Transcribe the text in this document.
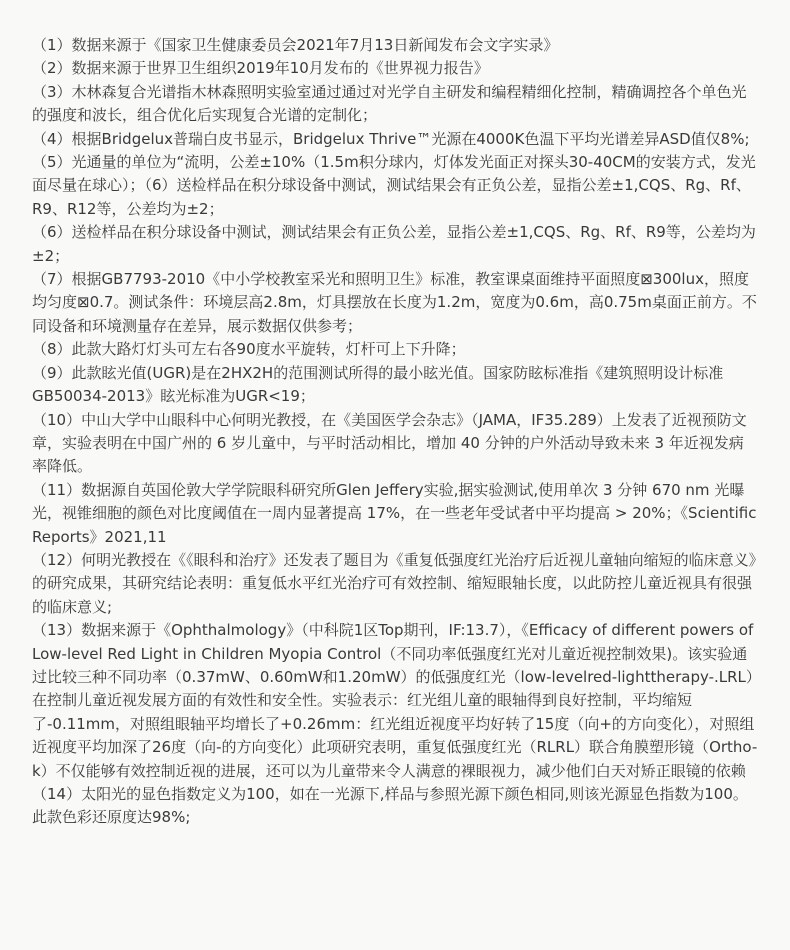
（1）数据来源于《国家卫生健康委员会2021年7月13日新闻发布会文字实录》

（2）数据来源于世界卫生组织2019年10月发布的《世界视力报告》

（3）木林森复合光谱指木林森照明实验室通过通过对光学自主研发和编程精细化控制，精确调控各个单色光的强度和波长，组合优化后实现复合光谱的定制化；

（4）根据Bridgelux普瑞白皮书显示，Bridgelux Thrive™光源在4000K色温下平均光谱差异ASD值仅8%;

（5）光通量的单位为“流明，公差±10%（1.5m积分球内，灯体发光面正对探头30-40CM的安装方式，发光面尽量在球心）；（6）送检样品在积分球设备中测试，测试结果会有正负公差，显指公差±1,CQS、Rg、Rf、R9、R12等，公差均为±2；

（6）送检样品在积分球设备中测试，测试结果会有正负公差，显指公差±1,CQS、Rg、Rf、R9等，公差均为±2；

（7）根据GB7793-2010《中小学校教室采光和照明卫生》标准，教室课桌面维持平面照度⊠300lux，照度均匀度⊠0.7。测试条件：环境层高2.8m，灯具摆放在长度为1.2m，宽度为0.6m，高0.75m桌面正前方。不同设备和环境测量存在差异，展示数据仅供参考；

（8）此款大路灯灯头可左右各90度水平旋转，灯杆可上下升降；

（9）此款眩光值(UGR)是在2HX2H的范围测试所得的最小眩光值。国家防眩标准指《建筑照明设计标准GB50034-2013》眩光标准为UGR<19；

（10）中山大学中山眼科中心何明光教授，在《美国医学会杂志》（JAMA，IF35.289）上发表了近视预防文章，实验表明在中国广州的 6 岁儿童中，与平时活动相比，增加 40 分钟的户外活动导致未来 3 年近视发病率降低。

（11）数据源自英国伦敦大学学院眼科研究所Glen Jeffery实验,据实验测试,使用单次 3 分钟 670 nm 光曝光，视锥细胞的颜色对比度阈值在一周内显著提高 17%，在一些老年受试者中平均提高 > 20%；《Scientific Reports》2021,11

（12）何明光教授在《《眼科和治疗》还发表了题目为《重复低强度红光治疗后近视儿童轴向缩短的临床意义》的研究成果，其研究结论表明：重复低水平红光治疗可有效控制、缩短眼轴长度，以此防控儿童近视具有很强的临床意义;

（13）数据来源于《Ophthalmology》（中科院1区Top期刊，IF:13.7），《Efficacy of different powers of Low-level Red Light in Children Myopia Control（不同功率低强度红光对儿童近视控制效果)。该实验通过比较三种不同功率（0.37mW、0.60mW和1.20mW）的低强度红光（low-levelred-lighttherapy-.LRL）在控制儿童近视发展方面的有效性和安全性。实验表示：红光组儿童的眼轴得到良好控制，平均缩短了-0.11mm，对照组眼轴平均增长了+0.26mm：红光组近视度平均好转了15度（向+的方向变化），对照组近视度平均加深了26度（向-的方向变化）此项研究表明，重复低强度红光（RLRL）联合角膜塑形镜（Ortho-k）不仅能够有效控制近视的进展，还可以为儿童带来令人满意的裸眼视力，减少他们白天对矫正眼镜的依赖

（14）太阳光的显色指数定义为100，如在一光源下,样品与参照光源下颜色相同,则该光源显色指数为100。此款色彩还原度达98%;
